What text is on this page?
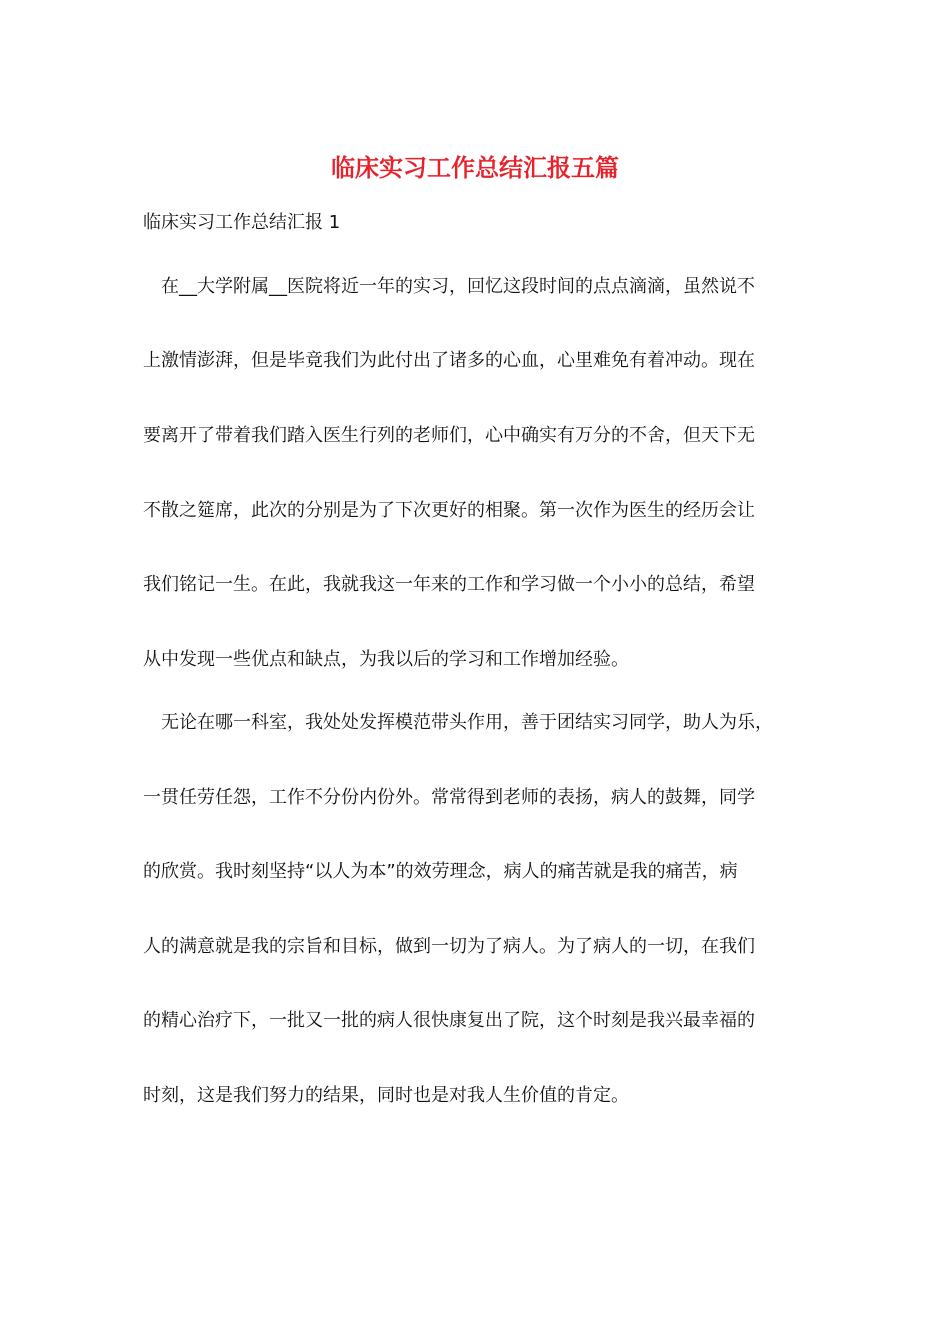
临床实习工作总结汇报五篇
临床实习工作总结汇报 1
　在__大学附属__医院将近一年的实习，回忆这段时间的点点滴滴，虽然说不
上激情澎湃，但是毕竟我们为此付出了诸多的心血，心里难免有着冲动。现在
要离开了带着我们踏入医生行列的老师们，心中确实有万分的不舍，但天下无
不散之筵席，此次的分别是为了下次更好的相聚。第一次作为医生的经历会让
我们铭记一生。在此，我就我这一年来的工作和学习做一个小小的总结，希望
从中发现一些优点和缺点，为我以后的学习和工作增加经验。
　无论在哪一科室，我处处发挥模范带头作用，善于团结实习同学，助人为乐，
一贯任劳任怨，工作不分份内份外。常常得到老师的表扬，病人的鼓舞，同学
的欣赏。我时刻坚持“以人为本”的效劳理念，病人的痛苦就是我的痛苦，病
人的满意就是我的宗旨和目标，做到一切为了病人。为了病人的一切，在我们
的精心治疗下，一批又一批的病人很快康复出了院，这个时刻是我兴最幸福的
时刻，这是我们努力的结果，同时也是对我人生价值的肯定。
